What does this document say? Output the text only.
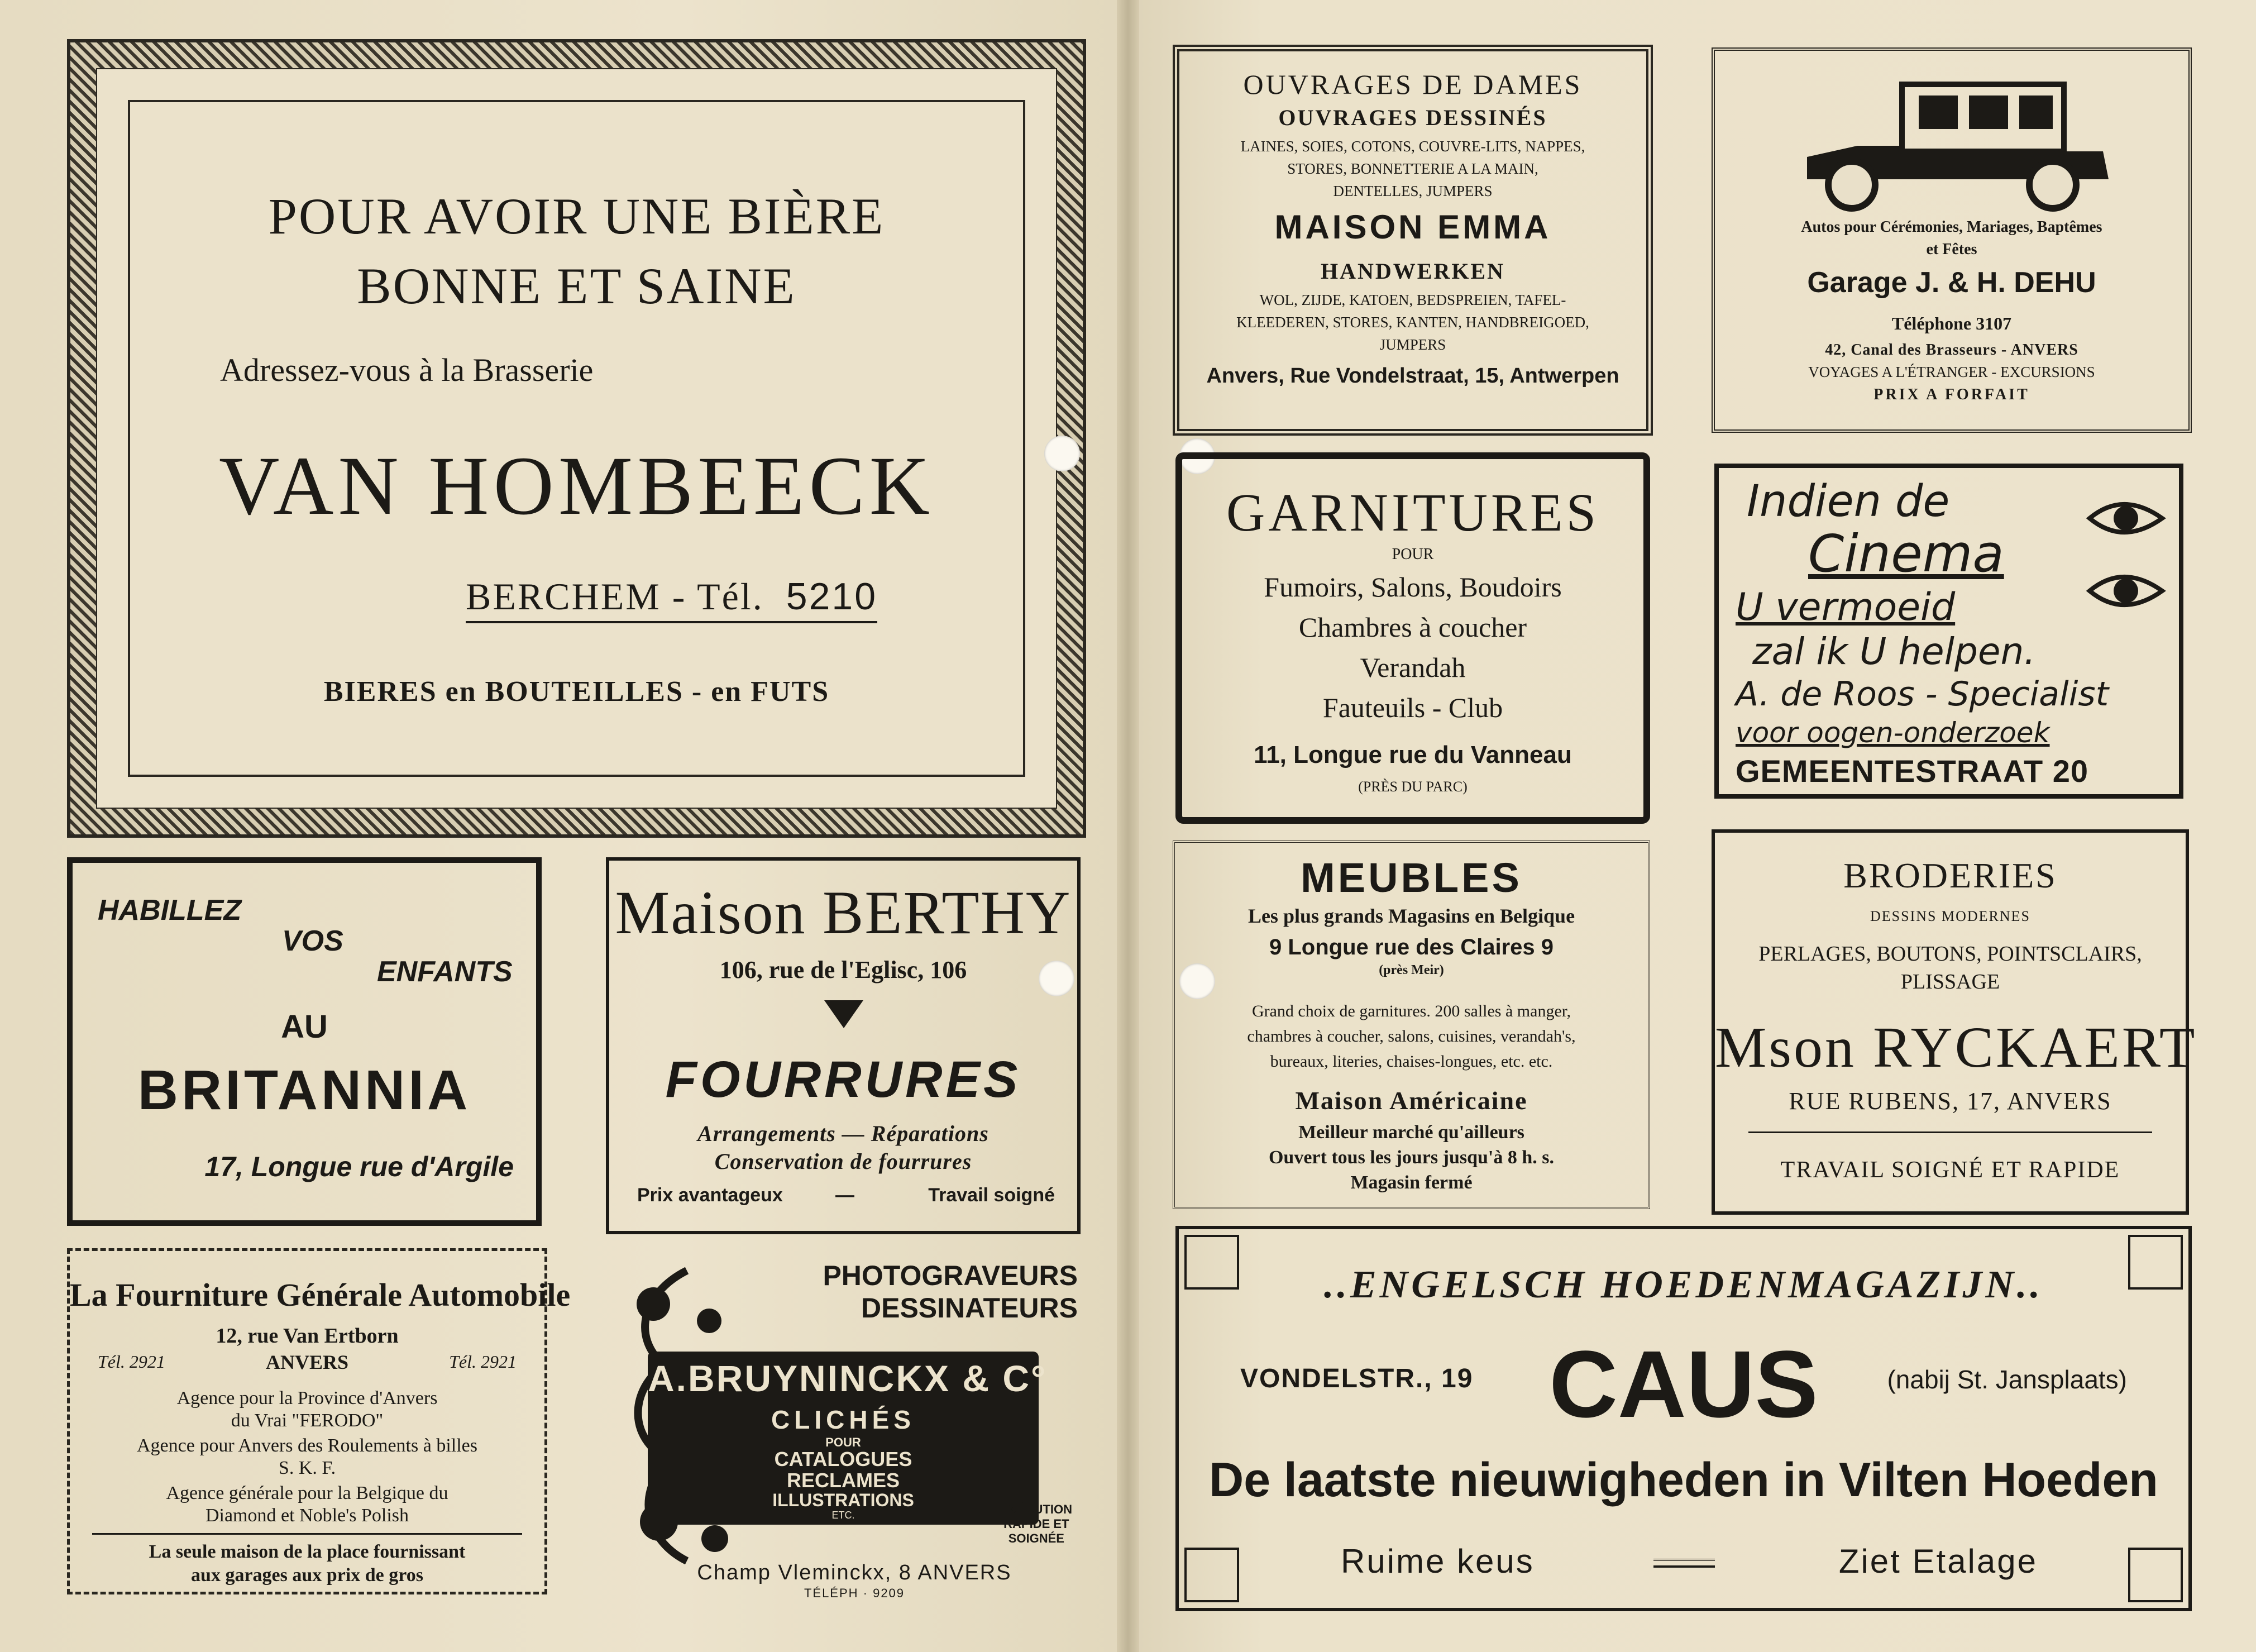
POUR AVOIR UNE BIÈRE
BONNE ET SAINE
Adressez-vous à la Brasserie
VAN HOMBEECK
BERCHEM - Tél. 5210
BIERES en BOUTEILLES - en FUTS
HABILLEZ
VOS
ENFANTS
AU
BRITANNIA
17, Longue rue d'Argile
Maison BERTHY
106, rue de l'Eglisc, 106
FOURRURES
Arrangements — Réparations
Conservation de fourrures
Prix avantageux	—	Travail soigné
La Fourniture Générale Automobile
12, rue Van Ertborn
Tél. 2921	ANVERS	Tél. 2921
Agence pour la Province d'Anvers
du Vrai "FERODO"
Agence pour Anvers des Roulements à billes
S. K. F.
Agence générale pour la Belgique du
Diamond et Noble's Polish
La seule maison de la place fournissant
aux garages aux prix de gros
PHOTOGRAVEURS
DESSINATEURS
A.BRUYNINCKX & C°
CLICHÉS
POUR
CATALOGUES
RECLAMES
ILLUSTRATIONS
ETC.	EXÉCUTION
RAPIDE ET
SOIGNÉE
Champ Vleminckx, 8 ANVERS
TÉLÉPH · 9209
OUVRAGES DE DAMES
OUVRAGES DESSINÉS
LAINES, SOIES, COTONS, COUVRE-LITS, NAPPES,
STORES, BONNETTERIE A LA MAIN,
DENTELLES, JUMPERS
MAISON EMMA
HANDWERKEN
WOL, ZIJDE, KATOEN, BEDSPREIEN, TAFEL-
KLEEDEREN, STORES, KANTEN, HANDBREIGOED,
JUMPERS
Anvers, Rue Vondelstraat, 15, Antwerpen
Autos pour Cérémonies, Mariages, Baptêmes
et Fêtes
Garage J. & H. DEHU
Téléphone 3107
42, Canal des Brasseurs - ANVERS
VOYAGES A L'ÉTRANGER - EXCURSIONS
PRIX A FORFAIT
GARNITURES
POUR
Fumoirs, Salons, Boudoirs
Chambres à coucher
Verandah
Fauteuils - Club
11, Longue rue du Vanneau
(PRÈS DU PARC)
Indien de
Cinema
U vermoeid
zal ik U helpen.
A. de Roos - Specialist
voor oogen-onderzoek
GEMEENTESTRAAT 20
MEUBLES
Les plus grands Magasins en Belgique
9 Longue rue des Claires 9
(près Meir)
Grand choix de garnitures. 200 salles à manger,
chambres à coucher, salons, cuisines, verandah's,
bureaux, literies, chaises-longues, etc. etc.
Maison Américaine
Meilleur marché qu'ailleurs
Ouvert tous les jours jusqu'à 8 h. s.
Magasin fermé
BRODERIES
DESSINS MODERNES
PERLAGES, BOUTONS, POINTSCLAIRS,
PLISSAGE
Mson RYCKAERT
RUE RUBENS, 17, ANVERS
TRAVAIL SOIGNÉ ET RAPIDE
..ENGELSCH HOEDENMAGAZIJN..
VONDELSTR., 19 CAUS	(nabij St. Jansplaats)
De laatste nieuwigheden in Vilten Hoeden
Ruime keus	Ziet Etalage
